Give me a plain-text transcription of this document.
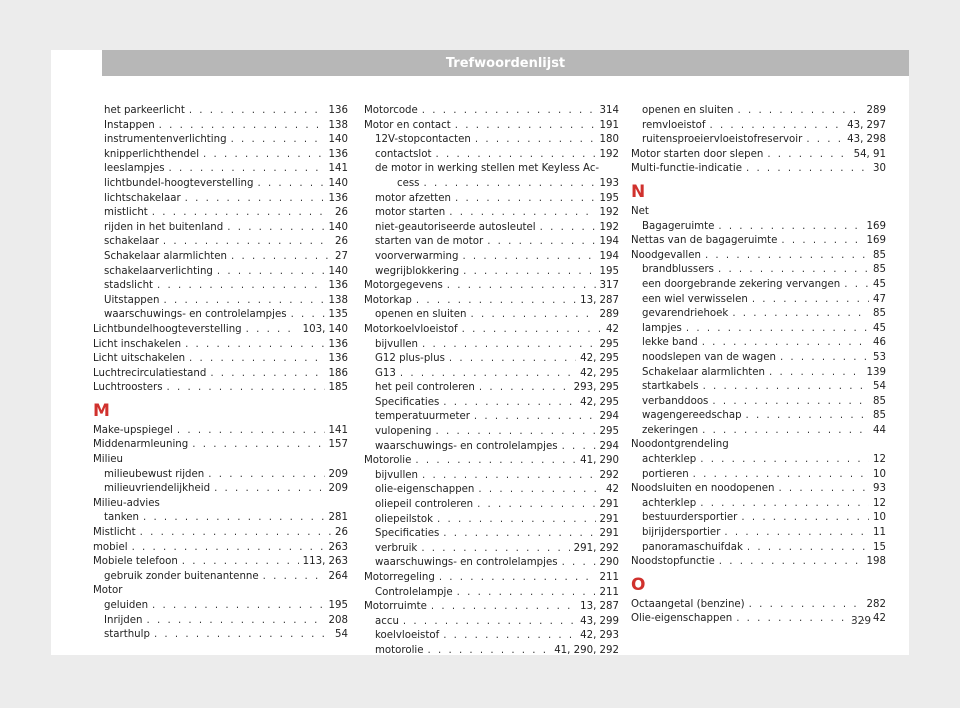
Trefwoordenlijst
het parkeerlicht . . .	136
Instappen . . .	138
instrumentenverlichting . . .	140
knipperlichthendel . . .	136
leeslampjes . . .	141
lichtbundel-hoogteverstelling . . .	140
lichtschakelaar . . .	136
mistlicht . . .	26
rijden in het buitenland . . .	140
schakelaar . . .	26
Schakelaar alarmlichten . . .	27
schakelaarverlichting . . .	140
stadslicht . . .	136
Uitstappen . . .	138
waarschuwings- en controlelampjes . . .	135
Lichtbundelhoogteverstelling . . .	103, 140
Licht inschakelen . . .	136
Licht uitschakelen . . .	136
Luchtrecirculatiestand . . .	186
Luchtroosters . . .	185
M
Make-upspiegel . . .	141
Middenarmleuning . . .	157
Milieu
milieubewust rijden . . .	209
milieuvriendelijkheid . . .	209
Milieu-advies
tanken . . .	281
Mistlicht . . .	26
mobiel . . .	263
Mobiele telefoon . . .	113, 263
gebruik zonder buitenantenne . . .	264
Motor
geluiden . . .	195
Inrijden . . .	208
starthulp . . .	54
Motorcode . . .	314
Motor en contact . . .	191
12V-stopcontacten . . .	180
contactslot . . .	192
de motor in werking stellen met Keyless Ac-
cess . . .	193
motor afzetten . . .	195
motor starten . . .	192
niet-geautoriseerde autosleutel . . .	192
starten van de motor . . .	194
voorverwarming . . .	194
wegrijblokkering . . .	195
Motorgegevens . . .	317
Motorkap . . .	13, 287
openen en sluiten . . .	289
Motorkoelvloeistof . . .	42
bijvullen . . .	295
G12 plus-plus . . .	42, 295
G13 . . .	42, 295
het peil controleren . . .	293, 295
Specificaties . . .	42, 295
temperatuurmeter . . .	294
vulopening . . .	295
waarschuwings- en controlelampjes . . .	294
Motorolie . . .	41, 290
bijvullen . . .	292
olie-eigenschappen . . .	42
oliepeil controleren . . .	291
oliepeilstok . . .	291
Specificaties . . .	291
verbruik . . .	291, 292
waarschuwings- en controlelampjes . . .	290
Motorregeling . . .	211
Controlelampje . . .	211
Motorruimte . . .	13, 287
accu . . .	43, 299
koelvloeistof . . .	42, 293
motorolie . . .	41, 290, 292
openen en sluiten . . .	289
remvloeistof . . .	43, 297
ruitensproeiervloeistofreservoir . . .	43, 298
Motor starten door slepen . . .	54, 91
Multi-functie-indicatie . . .	30
N
Net
Bagageruimte . . .	169
Nettas van de bagageruimte . . .	169
Noodgevallen . . .	85
brandblussers . . .	85
een doorgebrande zekering vervangen . . .	45
een wiel verwisselen . . .	47
gevarendriehoek . . .	85
lampjes . . .	45
lekke band . . .	46
noodslepen van de wagen . . .	53
Schakelaar alarmlichten . . .	139
startkabels . . .	54
verbanddoos . . .	85
wagengereedschap . . .	85
zekeringen . . .	44
Noodontgrendeling
achterklep . . .	12
portieren . . .	10
Noodsluiten en noodopenen . . .	93
achterklep . . .	12
bestuurdersportier . . .	10
bijrijdersportier . . .	11
panoramaschuifdak . . .	15
Noodstopfunctie . . .	198
O
Octaangetal (benzine) . . .	282
Olie-eigenschappen . . .	42
329
